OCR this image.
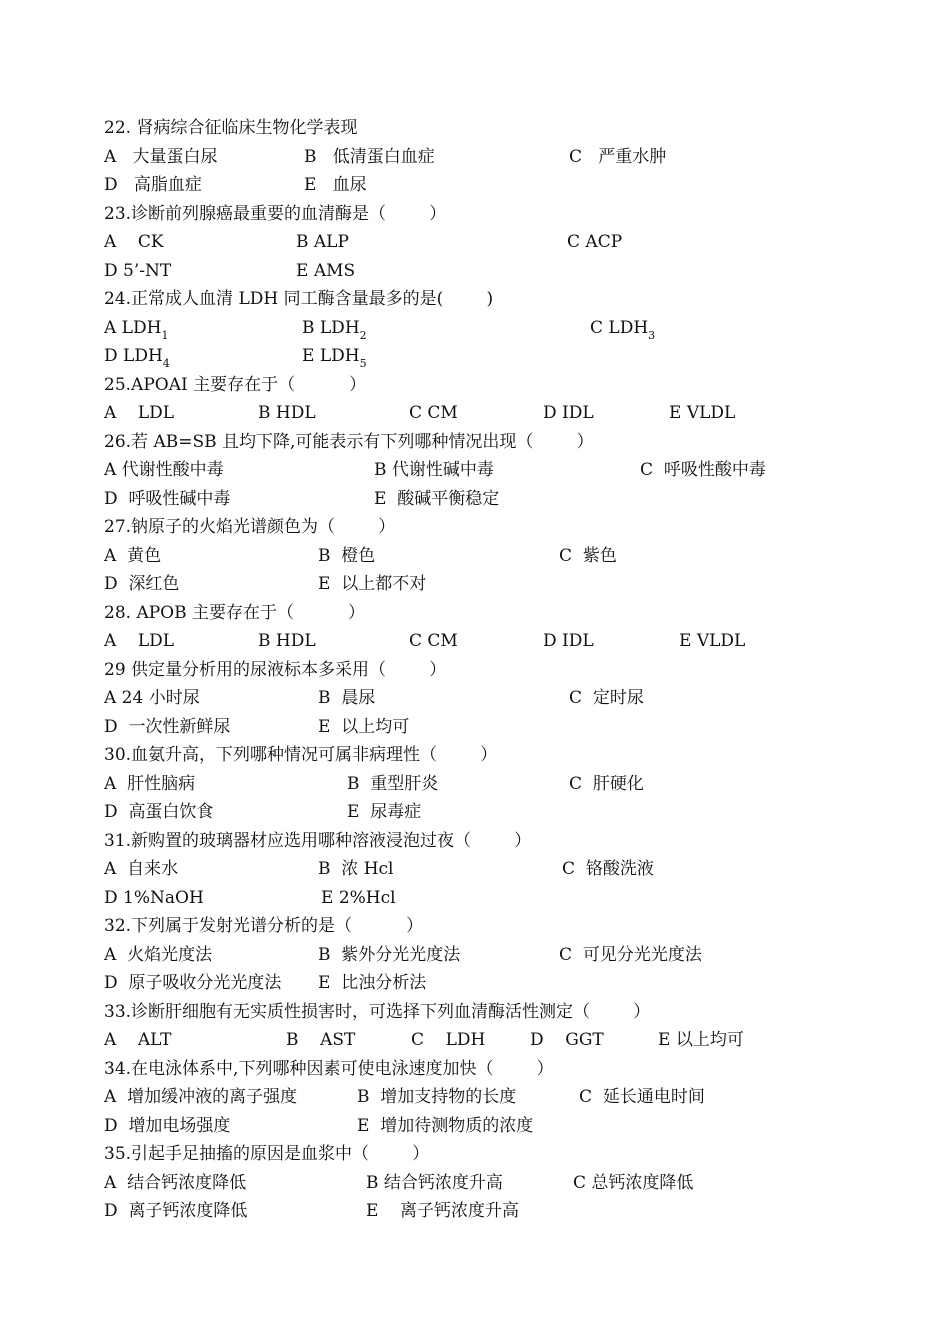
22. 肾病综合征临床生物化学表现
A   大量蛋白尿	B   低清蛋白血症	C   严重水肿
D   高脂血症	E   血尿
23.诊断前列腺癌最重要的血清酶是（        ）
A    CK	B ALP	C ACP
D 5’-NT	E AMS
24.正常成人血清 LDH 同工酶含量最多的是(        )
A $LDH_1$	B $LDH_2$	C $LDH_3$
D $LDH_4$	E $LDH_5$
25.APOAI 主要存在于（          ）
A    LDL	B HDL	C CM	D IDL	E VLDL
26.若 AB=SB 且均下降,可能表示有下列哪种情况出现（        ）
A 代谢性酸中毒	B 代谢性碱中毒	C  呼吸性酸中毒
D  呼吸性碱中毒	E  酸碱平衡稳定
27.钠原子的火焰光谱颜色为（        ）
A  黄色	B  橙色	C  紫色
D  深红色	E  以上都不对
28. APOB 主要存在于（          ）
A    LDL	B HDL	C CM	D IDL	E VLDL
29 供定量分析用的尿液标本多采用（        ）
A 24 小时尿	B  晨尿	C  定时尿
D  一次性新鲜尿	E  以上均可
30.血氨升高，下列哪种情况可属非病理性（        ）
A  肝性脑病	B  重型肝炎	C  肝硬化
D  高蛋白饮食	E  尿毒症
31.新购置的玻璃器材应选用哪种溶液浸泡过夜（        ）
A  自来水	B  浓 Hcl	C  铬酸洗液
D 1%NaOH	E 2%Hcl
32.下列属于发射光谱分析的是（          ）
A  火焰光度法	B  紫外分光光度法	C  可见分光光度法
D  原子吸收分光光度法 E  比浊分析法
33.诊断肝细胞有无实质性损害时，可选择下列血清酶活性测定（        ）
A    ALT	B    AST	C    LDH	D    GGT	E 以上均可
34.在电泳体系中,下列哪种因素可使电泳速度加快（        ）
A  增加缓冲液的离子强度	B  增加支持物的长度	C  延长通电时间
D  增加电场强度	E  增加待测物质的浓度
35.引起手足抽搐的原因是血浆中（        ）
A  结合钙浓度降低	B 结合钙浓度升高	C 总钙浓度降低
D  离子钙浓度降低	E    离子钙浓度升高
